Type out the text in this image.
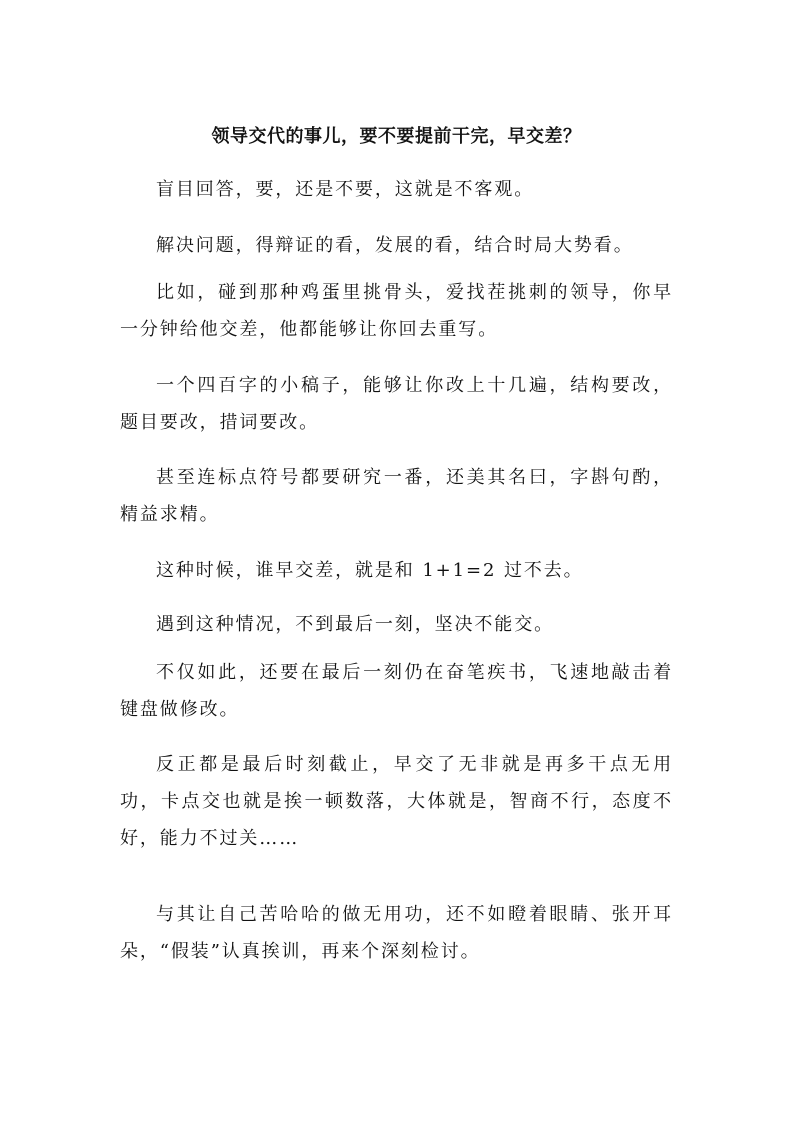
领导交代的事儿，要不要提前干完，早交差？

盲目回答，要，还是不要，这就是不客观。

解决问题，得辩证的看，发展的看，结合时局大势看。

比如，碰到那种鸡蛋里挑骨头，爱找茬挑刺的领导，你早一分钟给他交差，他都能够让你回去重写。

一个四百字的小稿子，能够让你改上十几遍，结构要改，题目要改，措词要改。

甚至连标点符号都要研究一番，还美其名曰，字斟句酌，精益求精。

这种时候，谁早交差，就是和 1+1=2 过不去。

遇到这种情况，不到最后一刻，坚决不能交。

不仅如此，还要在最后一刻仍在奋笔疾书，飞速地敲击着键盘做修改。

反正都是最后时刻截止，早交了无非就是再多干点无用功，卡点交也就是挨一顿数落，大体就是，智商不行，态度不好，能力不过关……

与其让自己苦哈哈的做无用功，还不如瞪着眼睛、张开耳朵，“假装”认真挨训，再来个深刻检讨。
